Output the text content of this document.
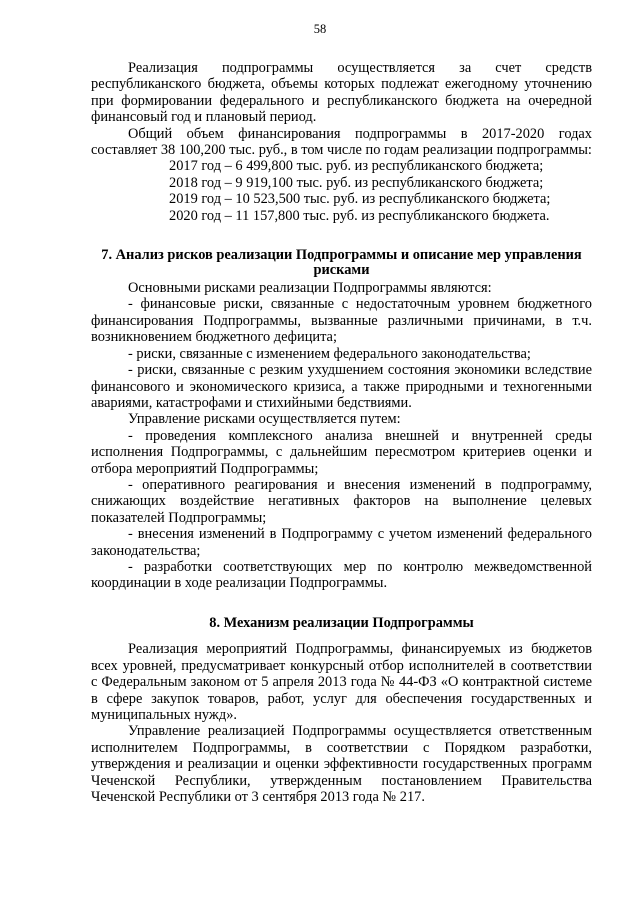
58

Реализация подпрограммы осуществляется за счет средств республиканского бюджета, объемы которых подлежат ежегодному уточнению при формировании федерального и республиканского бюджета на очередной финансовый год и плановый период.

Общий объем финансирования подпрограммы в 2017-2020 годах составляет 38 100,200 тыс. руб., в том числе по годам реализации подпрограммы:

2017 год – 6 499,800 тыс. руб. из республиканского бюджета;
2018 год – 9 919,100 тыс. руб. из республиканского бюджета;
2019 год – 10 523,500 тыс. руб. из республиканского бюджета;
2020 год – 11 157,800 тыс. руб. из республиканского бюджета.
7. Анализ рисков реализации Подпрограммы и описание мер управления рисками

Основными рисками реализации Подпрограммы являются:

- финансовые риски, связанные с недостаточным уровнем бюджетного финансирования Подпрограммы, вызванные различными причинами, в т.ч. возникновением бюджетного дефицита;

- риски, связанные с изменением федерального законодательства;

- риски, связанные с резким ухудшением состояния экономики вследствие финансового и экономического кризиса, а также природными и техногенными авариями, катастрофами и стихийными бедствиями.

Управление рисками осуществляется путем:

- проведения комплексного анализа внешней и внутренней среды исполнения Подпрограммы, с дальнейшим пересмотром критериев оценки и отбора мероприятий Подпрограммы;

- оперативного реагирования и внесения изменений в подпрограмму, снижающих воздействие негативных факторов на выполнение целевых показателей Подпрограммы;

- внесения изменений в Подпрограмму с учетом изменений федерального законодательства;

- разработки соответствующих мер по контролю межведомственной координации в ходе реализации Подпрограммы.

8. Механизм реализации Подпрограммы

Реализация мероприятий Подпрограммы, финансируемых из бюджетов всех уровней, предусматривает конкурсный отбор исполнителей в соответствии с Федеральным законом от 5 апреля 2013 года № 44-ФЗ «О контрактной системе в сфере закупок товаров, работ, услуг для обеспечения государственных и муниципальных нужд».

Управление реализацией Подпрограммы осуществляется ответственным исполнителем Подпрограммы, в соответствии с Порядком разработки, утверждения и реализации и оценки эффективности государственных программ Чеченской Республики, утвержденным постановлением Правительства Чеченской Республики от 3 сентября 2013 года № 217.
